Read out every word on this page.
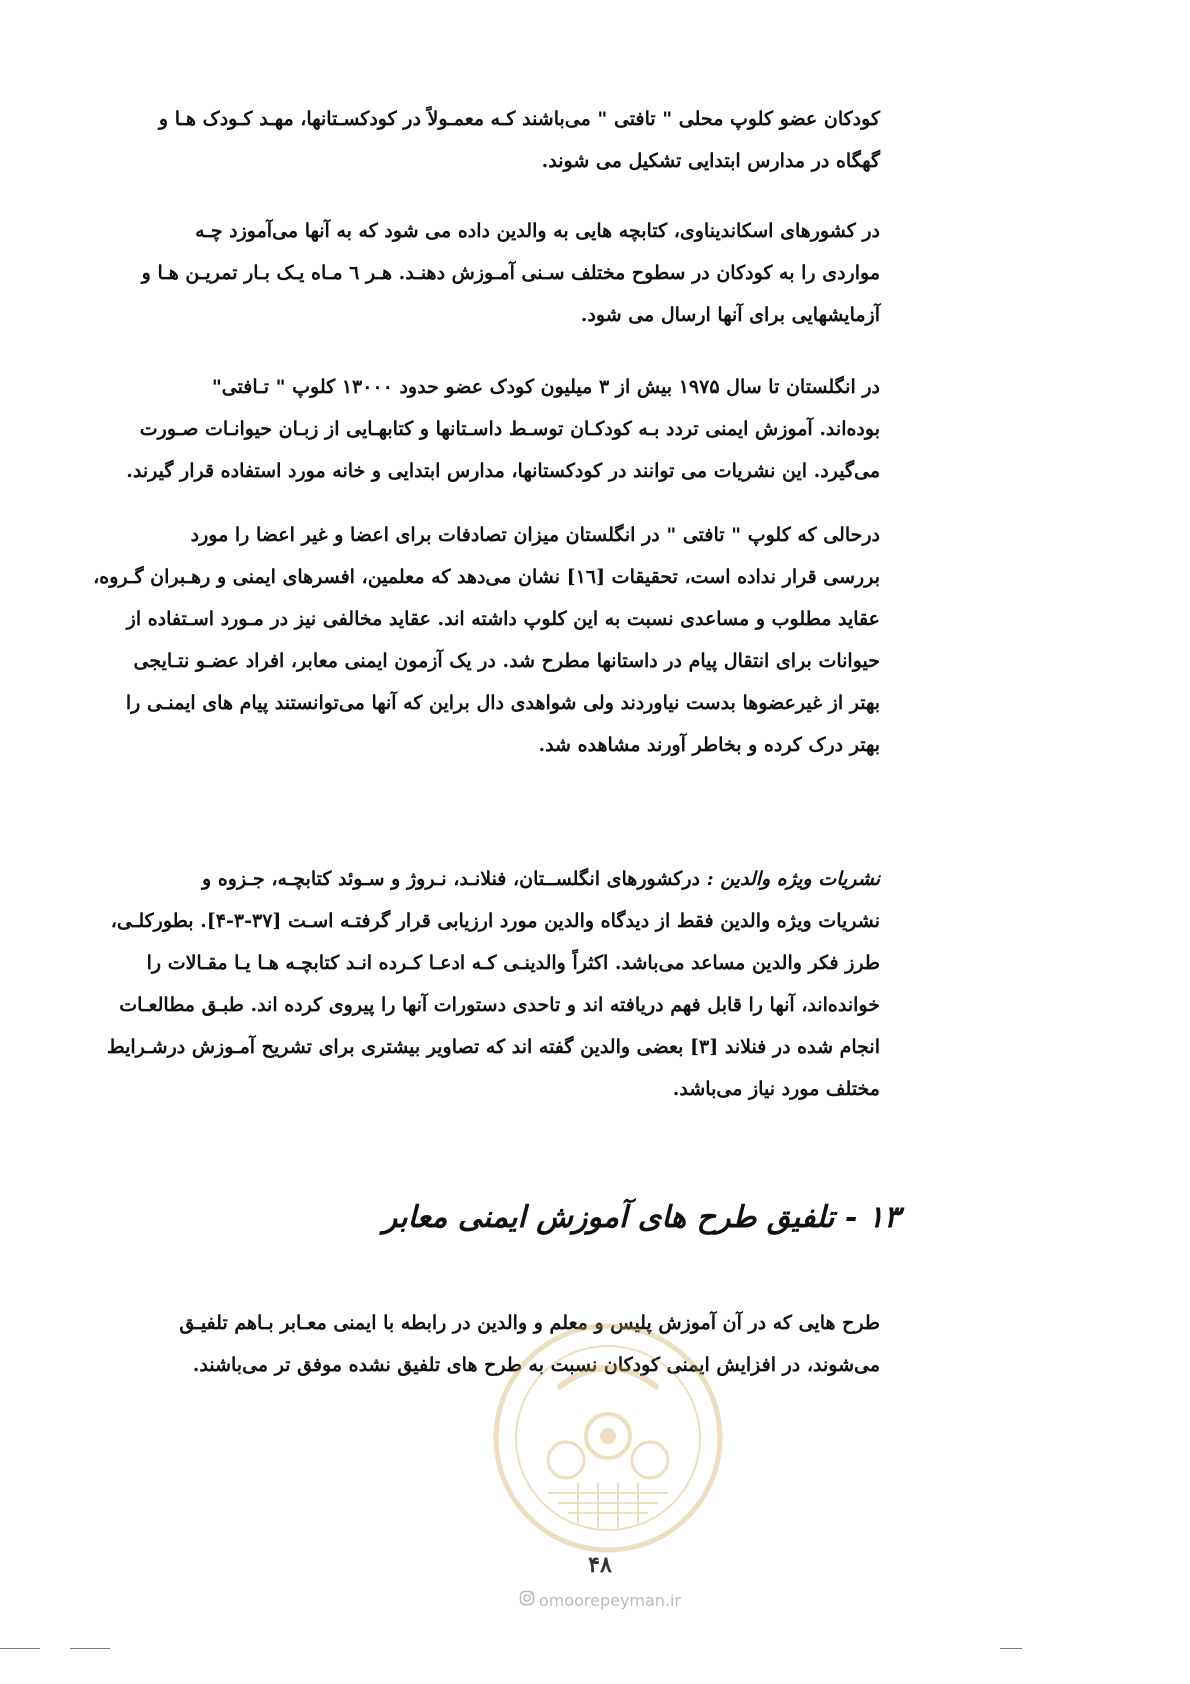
کودکان عضو کلوپ محلی " تافتی " می‌باشند کـه معمـولاً در کودکسـتانها، مهـد کـودک هـا و
گهگاه در مدارس ابتدایی تشکیل می شوند.
در کشورهای اسکاندیناوی، کتابچه هایی به والدین داده می شود که به آنها می‌آموزد چـه
مواردی را به کودکان در سطوح مختلف سـنی آمـوزش دهنـد. هـر ٦ مـاه یـک بـار تمریـن هـا و
آزمایشهایی برای آنها ارسال می شود.
در انگلستان تا سال ۱۹۷۵ بیش از ۳ میلیون کودک عضو حدود ۱۳۰۰۰ کلوپ " تـافتی"
بوده‌اند. آموزش ایمنی تردد بـه کودکـان توسـط داسـتانها و کتابهـایی از زبـان حیوانـات صـورت
می‌گیرد. این نشریات می توانند در کودکستانها، مدارس ابتدایی و خانه مورد استفاده قرار گیرند.
درحالی که کلوپ " تافتی " در انگلستان میزان تصادفات برای اعضا و غیر اعضا را مورد
بررسی قرار نداده است، تحقیقات [١٦] نشان می‌دهد که معلمین، افسرهای ایمنی و رهـبران گـروه،
عقاید مطلوب و مساعدی نسبت به این کلوپ داشته اند. عقاید مخالفی نیز در مـورد اسـتفاده از
حیوانات برای انتقال پیام در داستانها مطرح شد. در یک آزمون ایمنی معابر، افراد عضـو نتـایجی
بهتر از غیرعضوها بدست نیاوردند ولی شواهدی دال براین که آنها می‌توانستند پیام های ایمنـی را
بهتر درک کرده و بخاطر آورند مشاهده شد.
نشریات ویژه والدین : درکشورهای انگلســتان، فنلانـد، نـروژ و سـوئد کتابچـه، جـزوه و
نشریات ویژه والدین فقط از دیدگاه والدین مورد ارزیابی قرار گرفتـه اسـت [٣٧-٣-۴]. بطورکلـی،
طرز فکر والدین مساعد می‌باشد. اکثراً والدینـی کـه ادعـا کـرده انـد کتابچـه هـا یـا مقـالات را
خوانده‌اند، آنها را قابل فهم دریافته اند و تاحدی دستورات آنها را پیروی کرده اند. طبـق مطالعـات
انجام شده در فنلاند [٣] بعضی والدین گفته اند که تصاویر بیشتری برای تشریح آمـوزش درشـرایط
مختلف مورد نیاز می‌باشد.
۱۳ - تلفیق طرح های آموزش ایمنی معابر
طرح هایی که در آن آموزش پلیس و معلم و والدین در رابطه با ایمنی معـابر بـاهم تلفیـق
می‌شوند، در افزایش ایمنی کودکان نسبت به طرح های تلفیق نشده موفق تر می‌باشند.
۴۸
omoorepeyman.ir
